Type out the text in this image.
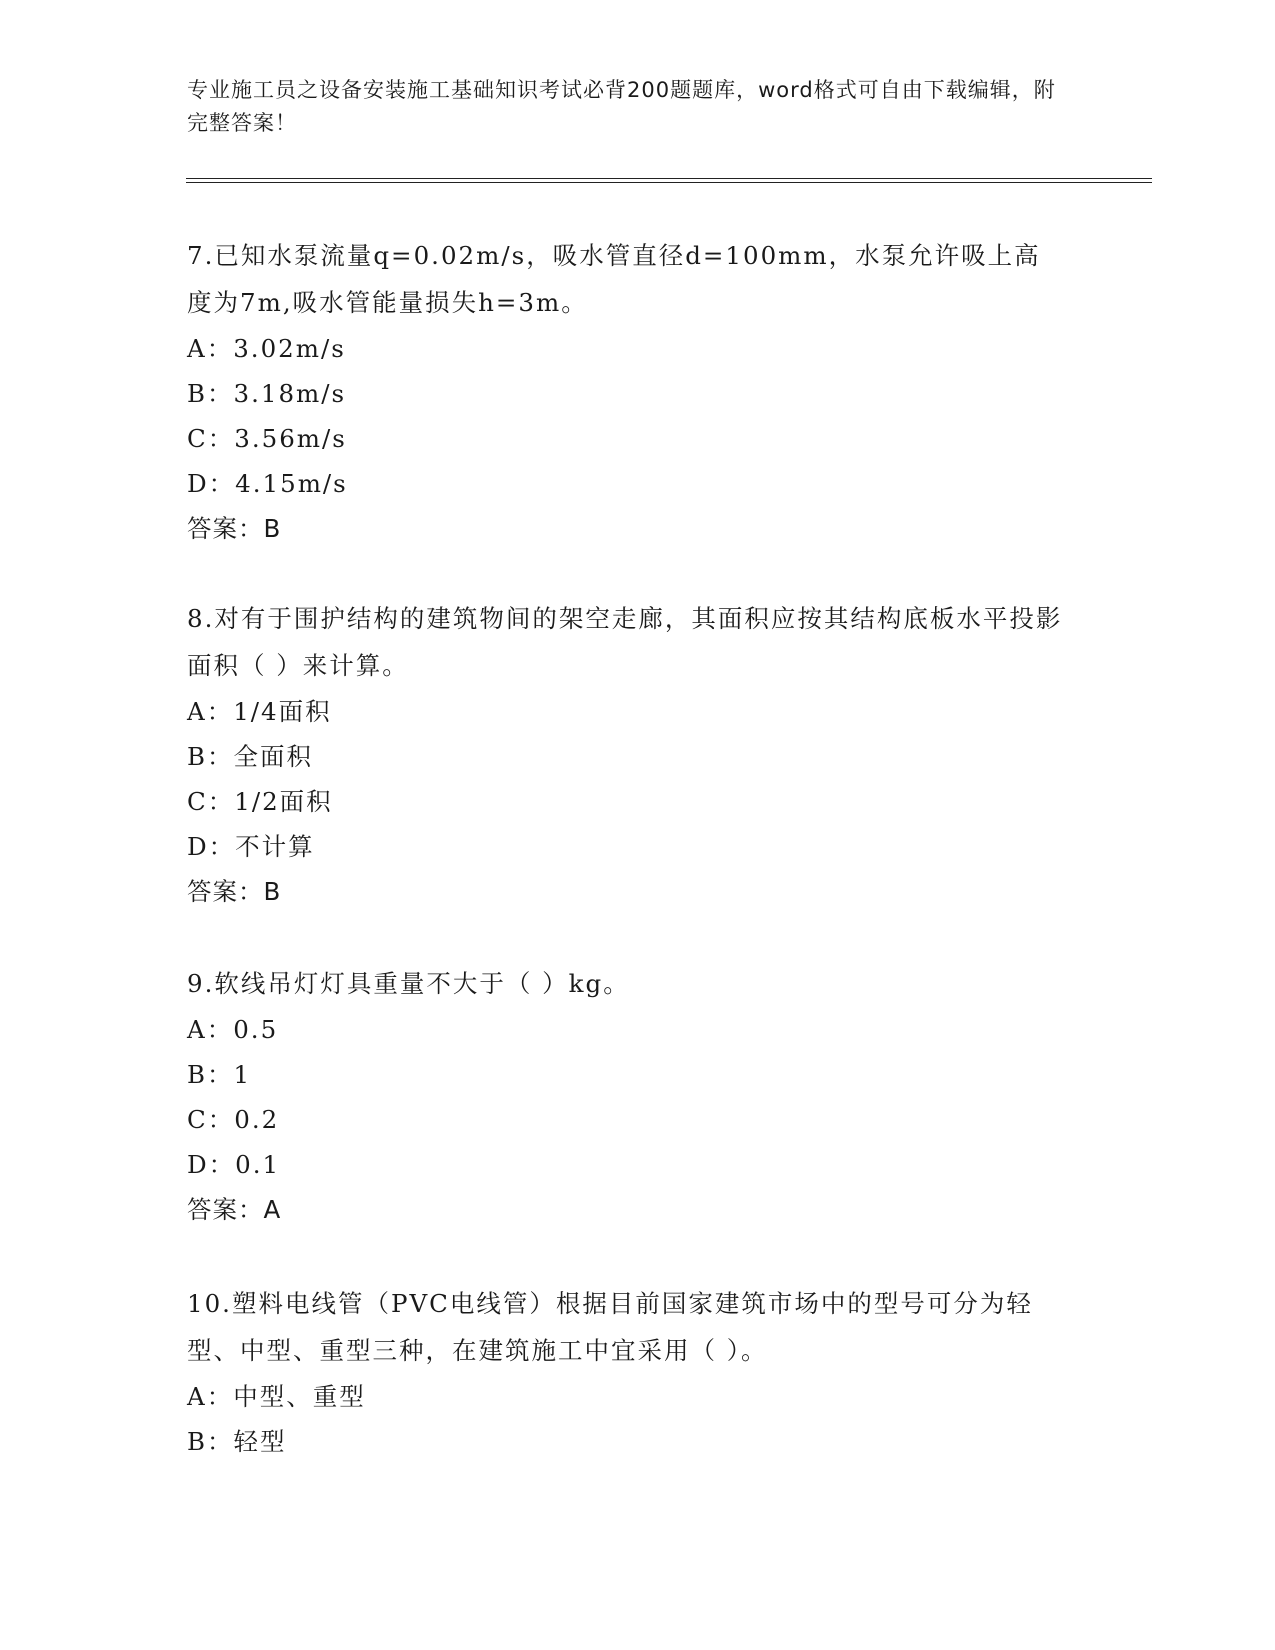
专业施工员之设备安装施工基础知识考试必背200题题库，word格式可自由下载编辑，附完整答案！

7.已知水泵流量q=0.02m/s，吸水管直径d=100mm，水泵允许吸上高度为7m,吸水管能量损失h=3m。

A：3.02m/s

B：3.18m/s

C：3.56m/s

D：4.15m/s

答案：B

8.对有于围护结构的建筑物间的架空走廊，其面积应按其结构底板水平投影面积（ ）来计算。

A：1/4面积

B：全面积

C：1/2面积

D：不计算

答案：B

9.软线吊灯灯具重量不大于（ ）kg。

A：0.5

B：1

C：0.2

D：0.1

答案：A

10.塑料电线管（PVC电线管）根据目前国家建筑市场中的型号可分为轻型、中型、重型三种，在建筑施工中宜采用（ ）。

A：中型、重型

B：轻型
